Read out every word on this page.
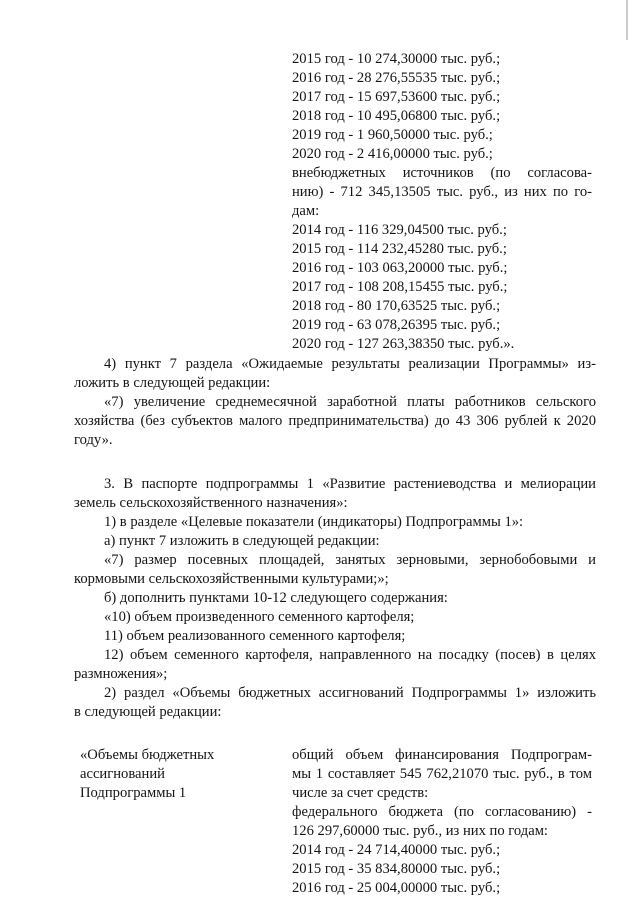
2015 год - 10 274,30000 тыс. руб.;
2016 год - 28 276,55535 тыс. руб.;
2017 год - 15 697,53600 тыс. руб.;
2018 год - 10 495,06800 тыс. руб.;
2019 год - 1 960,50000 тыс. руб.;
2020 год - 2 416,00000 тыс. руб.;
внебюджетных источников (по согласова-
нию) - 712 345,13505 тыс. руб., из них по го-
дам:
2014 год - 116 329,04500 тыс. руб.;
2015 год - 114 232,45280 тыс. руб.;
2016 год - 103 063,20000 тыс. руб.;
2017 год - 108 208,15455 тыс. руб.;
2018 год - 80 170,63525 тыс. руб.;
2019 год - 63 078,26395 тыс. руб.;
2020 год - 127 263,38350 тыс. руб.».
4) пункт 7 раздела «Ожидаемые результаты реализации Программы» из-
ложить в следующей редакции:
«7) увеличение среднемесячной заработной платы работников сельского
хозяйства (без субъектов малого предпринимательства) до 43 306 рублей к 2020
году».
3. В паспорте подпрограммы 1 «Развитие растениеводства и мелиорации
земель сельскохозяйственного назначения»:
1) в разделе «Целевые показатели (индикаторы) Подпрограммы 1»:
а) пункт 7 изложить в следующей редакции:
«7) размер посевных площадей, занятых зерновыми, зернобобовыми и
кормовыми сельскохозяйственными культурами;»;
б) дополнить пунктами 10-12 следующего содержания:
«10) объем произведенного семенного картофеля;
11) объем реализованного семенного картофеля;
12) объем семенного картофеля, направленного на посадку (посев) в целях
размножения»;
2) раздел «Объемы бюджетных ассигнований Подпрограммы 1» изложить
в следующей редакции:
«Объемы бюджетных
ассигнований
Подпрограммы 1
общий объем финансирования Подпрограм-
мы 1 составляет 545 762,21070 тыс. руб., в том
числе за счет средств:
федерального бюджета (по согласованию) -
126 297,60000 тыс. руб., из них по годам:
2014 год - 24 714,40000 тыс. руб.;
2015 год - 35 834,80000 тыс. руб.;
2016 год - 25 004,00000 тыс. руб.;
